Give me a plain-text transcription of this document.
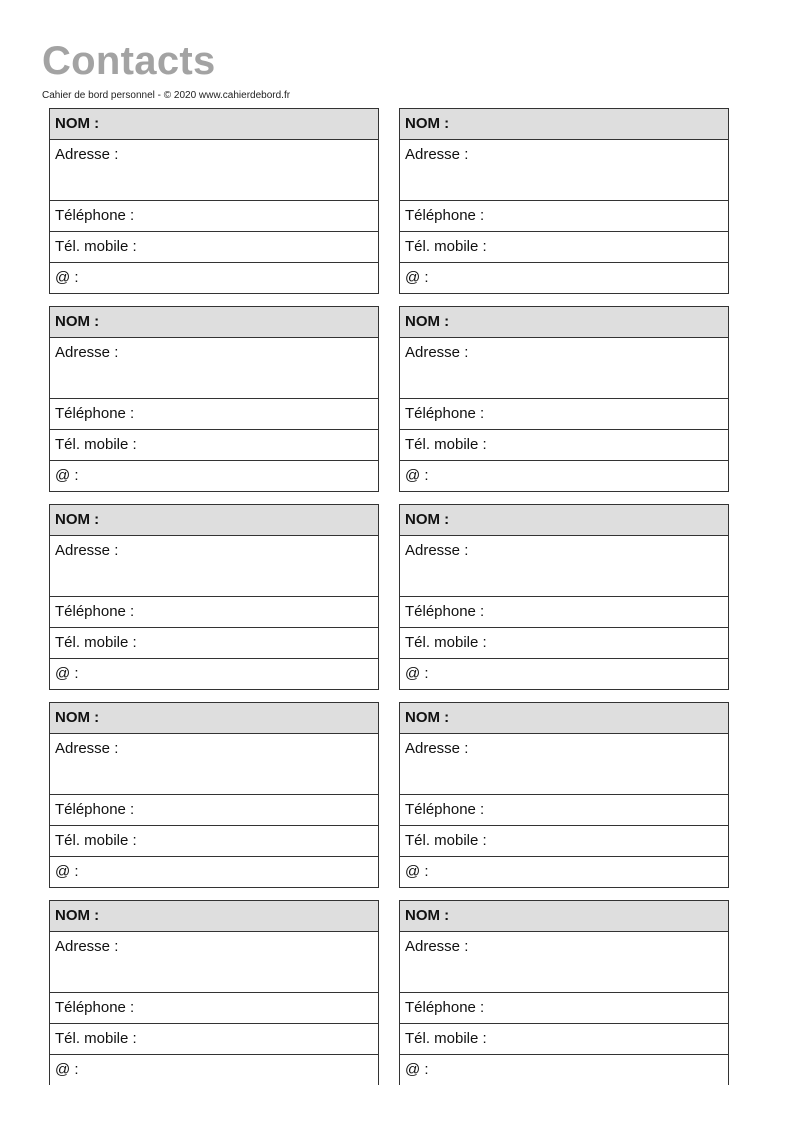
Contacts
Cahier de bord personnel - © 2020 www.cahierdebord.fr
NOM :
Adresse :
Téléphone :
Tél. mobile :
@ :
NOM :
Adresse :
Téléphone :
Tél. mobile :
@ :
NOM :
Adresse :
Téléphone :
Tél. mobile :
@ :
NOM :
Adresse :
Téléphone :
Tél. mobile :
@ :
NOM :
Adresse :
Téléphone :
Tél. mobile :
@ :
NOM :
Adresse :
Téléphone :
Tél. mobile :
@ :
NOM :
Adresse :
Téléphone :
Tél. mobile :
@ :
NOM :
Adresse :
Téléphone :
Tél. mobile :
@ :
NOM :
Adresse :
Téléphone :
Tél. mobile :
@ :
NOM :
Adresse :
Téléphone :
Tél. mobile :
@ :
